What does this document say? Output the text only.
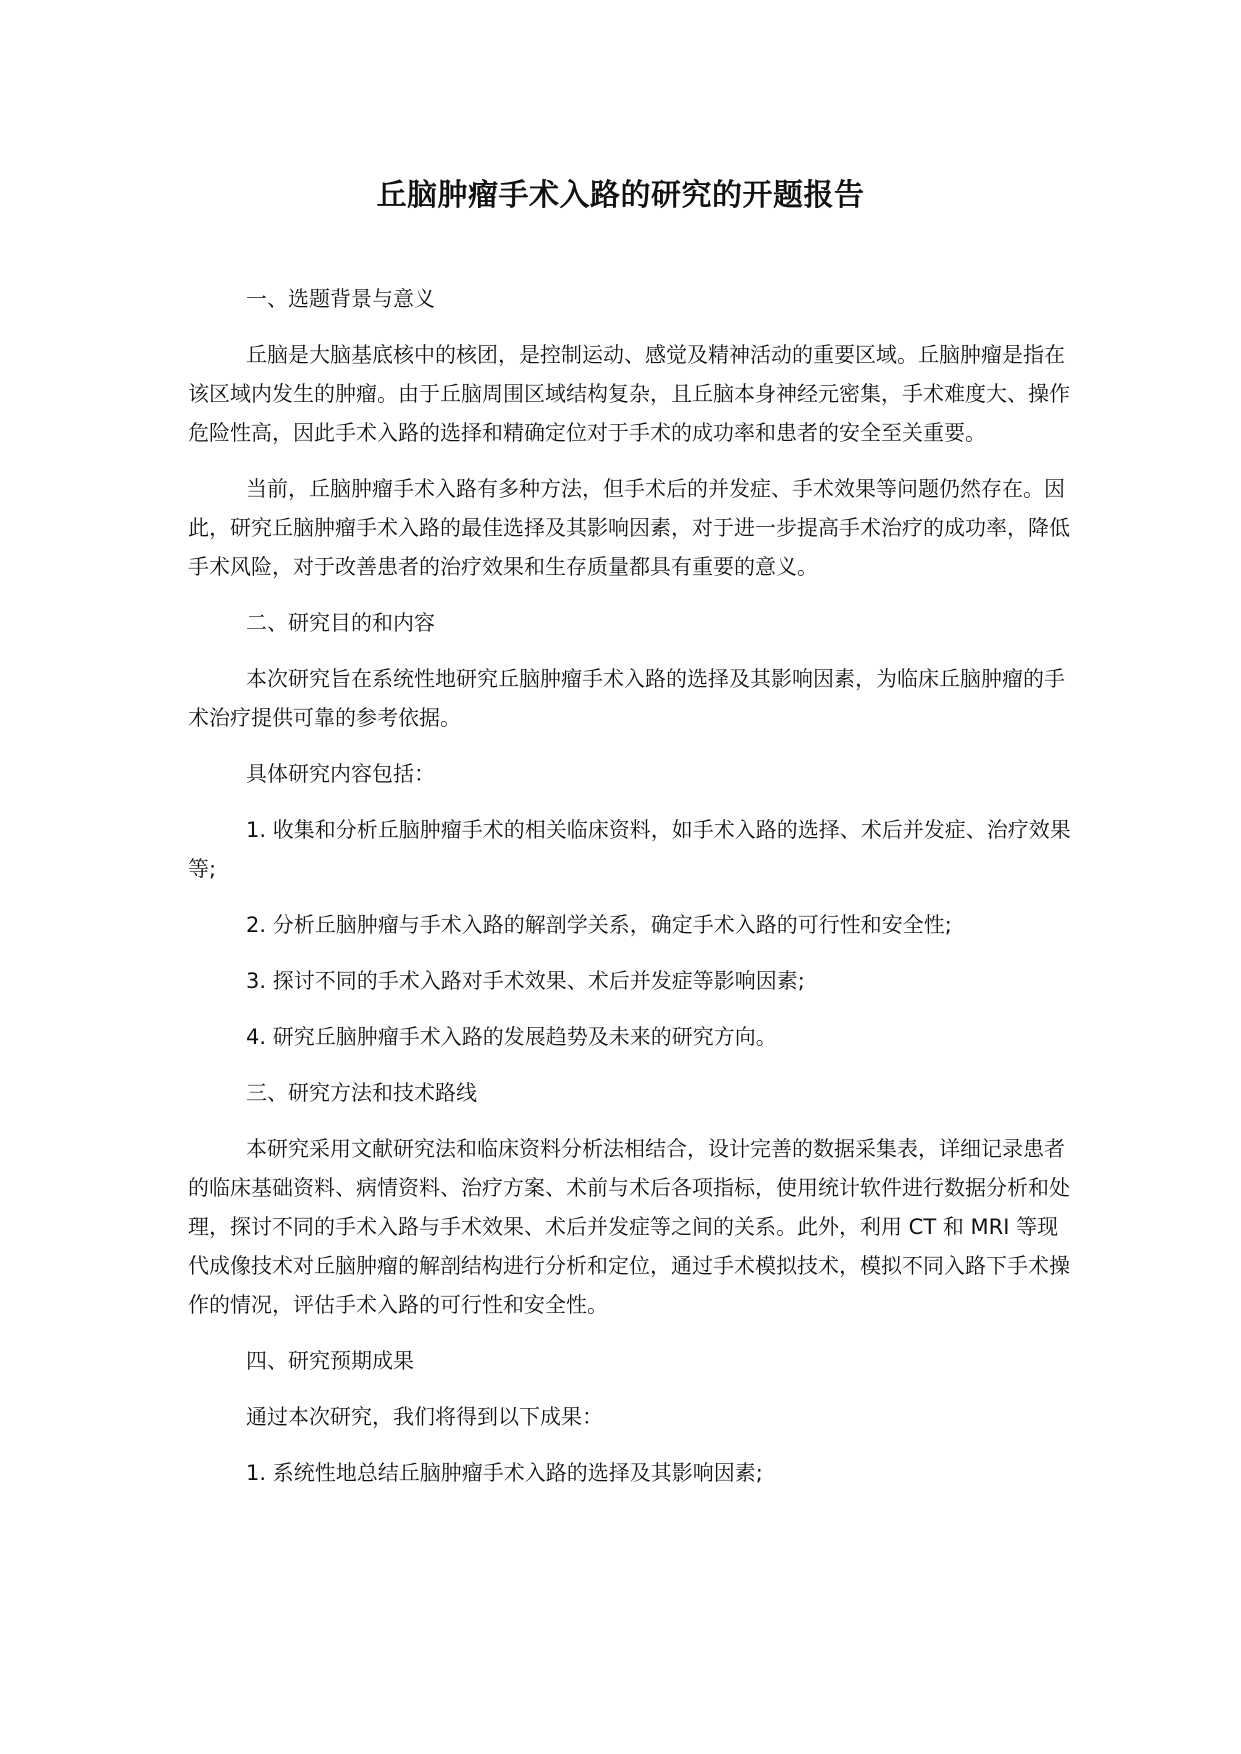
丘脑肿瘤手术入路的研究的开题报告

一、选题背景与意义

丘脑是大脑基底核中的核团，是控制运动、感觉及精神活动的重要区域。丘脑肿瘤是指在该区域内发生的肿瘤。由于丘脑周围区域结构复杂，且丘脑本身神经元密集，手术难度大、操作危险性高，因此手术入路的选择和精确定位对于手术的成功率和患者的安全至关重要。

当前，丘脑肿瘤手术入路有多种方法，但手术后的并发症、手术效果等问题仍然存在。因此，研究丘脑肿瘤手术入路的最佳选择及其影响因素，对于进一步提高手术治疗的成功率，降低手术风险，对于改善患者的治疗效果和生存质量都具有重要的意义。

二、研究目的和内容

本次研究旨在系统性地研究丘脑肿瘤手术入路的选择及其影响因素，为临床丘脑肿瘤的手术治疗提供可靠的参考依据。

具体研究内容包括：

1. 收集和分析丘脑肿瘤手术的相关临床资料，如手术入路的选择、术后并发症、治疗效果等;

2. 分析丘脑肿瘤与手术入路的解剖学关系，确定手术入路的可行性和安全性;

3. 探讨不同的手术入路对手术效果、术后并发症等影响因素;

4. 研究丘脑肿瘤手术入路的发展趋势及未来的研究方向。

三、研究方法和技术路线

本研究采用文献研究法和临床资料分析法相结合，设计完善的数据采集表，详细记录患者的临床基础资料、病情资料、治疗方案、术前与术后各项指标，使用统计软件进行数据分析和处理，探讨不同的手术入路与手术效果、术后并发症等之间的关系。此外，利用 CT 和 MRI 等现代成像技术对丘脑肿瘤的解剖结构进行分析和定位，通过手术模拟技术，模拟不同入路下手术操作的情况，评估手术入路的可行性和安全性。

四、研究预期成果

通过本次研究，我们将得到以下成果：

1. 系统性地总结丘脑肿瘤手术入路的选择及其影响因素;
